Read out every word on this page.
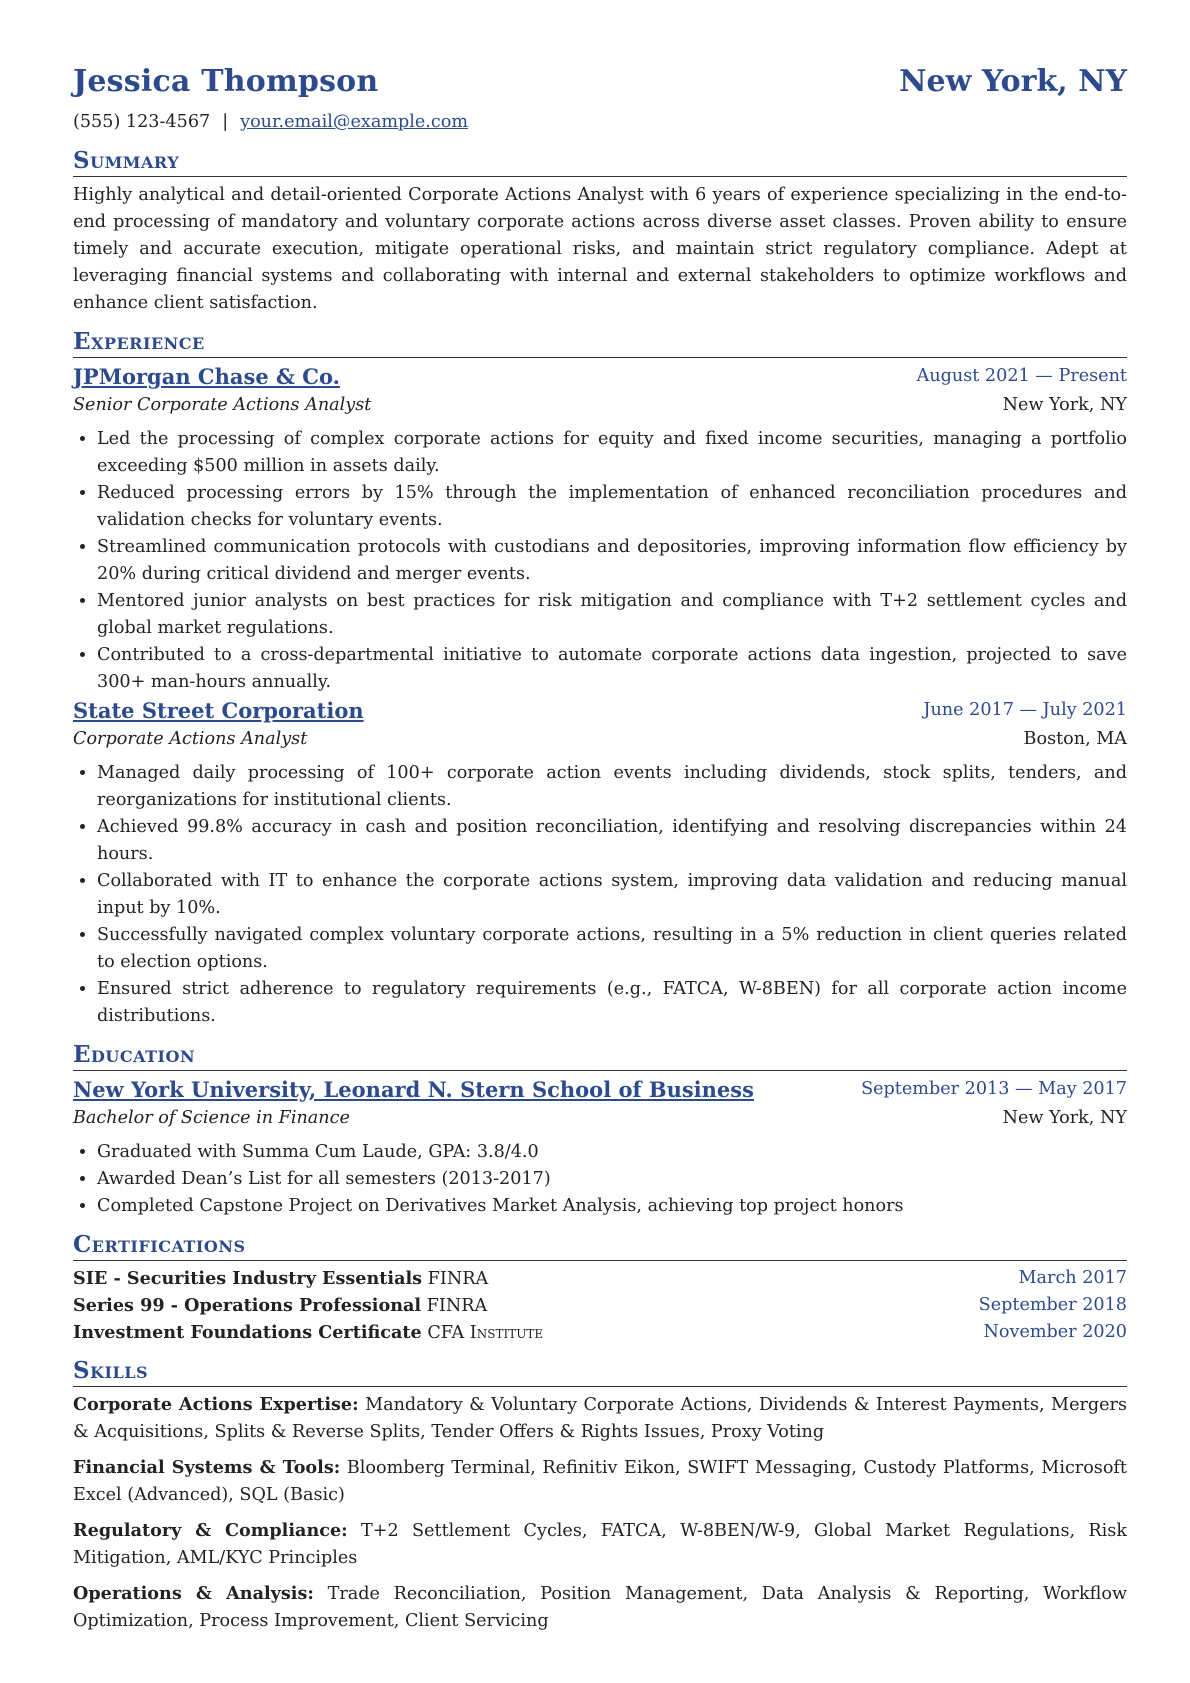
Jessica Thompson	New York, NY
(555) 123-4567 | your.email@example.com
Summary
Highly analytical and detail-oriented Corporate Actions Analyst with 6 years of experience specializing in the end-to-end processing of mandatory and voluntary corporate actions across diverse asset classes. Proven ability to ensure timely and accurate execution, mitigate operational risks, and maintain strict regulatory compliance. Adept at leveraging financial systems and collaborating with internal and external stakeholders to optimize workflows and enhance client satisfaction.
Experience
JPMorgan Chase & Co.	August 2021 — Present
Senior Corporate Actions Analyst	New York, NY
• Led the processing of complex corporate actions for equity and fixed income securities, managing a portfolio exceeding $500 million in assets daily.
• Reduced processing errors by 15% through the implementation of enhanced reconciliation procedures and validation checks for voluntary events.
• Streamlined communication protocols with custodians and depositories, improving information flow efficiency by 20% during critical dividend and merger events.
• Mentored junior analysts on best practices for risk mitigation and compliance with T+2 settlement cycles and global market regulations.
• Contributed to a cross-departmental initiative to automate corporate actions data ingestion, projected to save 300+ man-hours annually.
State Street Corporation	June 2017 — July 2021
Corporate Actions Analyst	Boston, MA
• Managed daily processing of 100+ corporate action events including dividends, stock splits, tenders, and reorganizations for institutional clients.
• Achieved 99.8% accuracy in cash and position reconciliation, identifying and resolving discrepancies within 24 hours.
• Collaborated with IT to enhance the corporate actions system, improving data validation and reducing manual input by 10%.
• Successfully navigated complex voluntary corporate actions, resulting in a 5% reduction in client queries related to election options.
• Ensured strict adherence to regulatory requirements (e.g., FATCA, W-8BEN) for all corporate action income distributions.
Education
New York University, Leonard N. Stern School of Business	September 2013 — May 2017
Bachelor of Science in Finance	New York, NY
• Graduated with Summa Cum Laude, GPA: 3.8/4.0
• Awarded Dean’s List for all semesters (2013-2017)
• Completed Capstone Project on Derivatives Market Analysis, achieving top project honors
Certifications
SIE - Securities Industry Essentials FINRA	March 2017
Series 99 - Operations Professional FINRA	September 2018
Investment Foundations Certificate CFA Institute	November 2020
Skills
Corporate Actions Expertise: Mandatory & Voluntary Corporate Actions, Dividends & Interest Payments, Mergers & Acquisitions, Splits & Reverse Splits, Tender Offers & Rights Issues, Proxy Voting
Financial Systems & Tools: Bloomberg Terminal, Refinitiv Eikon, SWIFT Messaging, Custody Platforms, Microsoft Excel (Advanced), SQL (Basic)
Regulatory & Compliance: T+2 Settlement Cycles, FATCA, W-8BEN/W-9, Global Market Regulations, Risk Mitigation, AML/KYC Principles
Operations & Analysis: Trade Reconciliation, Position Management, Data Analysis & Reporting, Workflow Optimization, Process Improvement, Client Servicing
